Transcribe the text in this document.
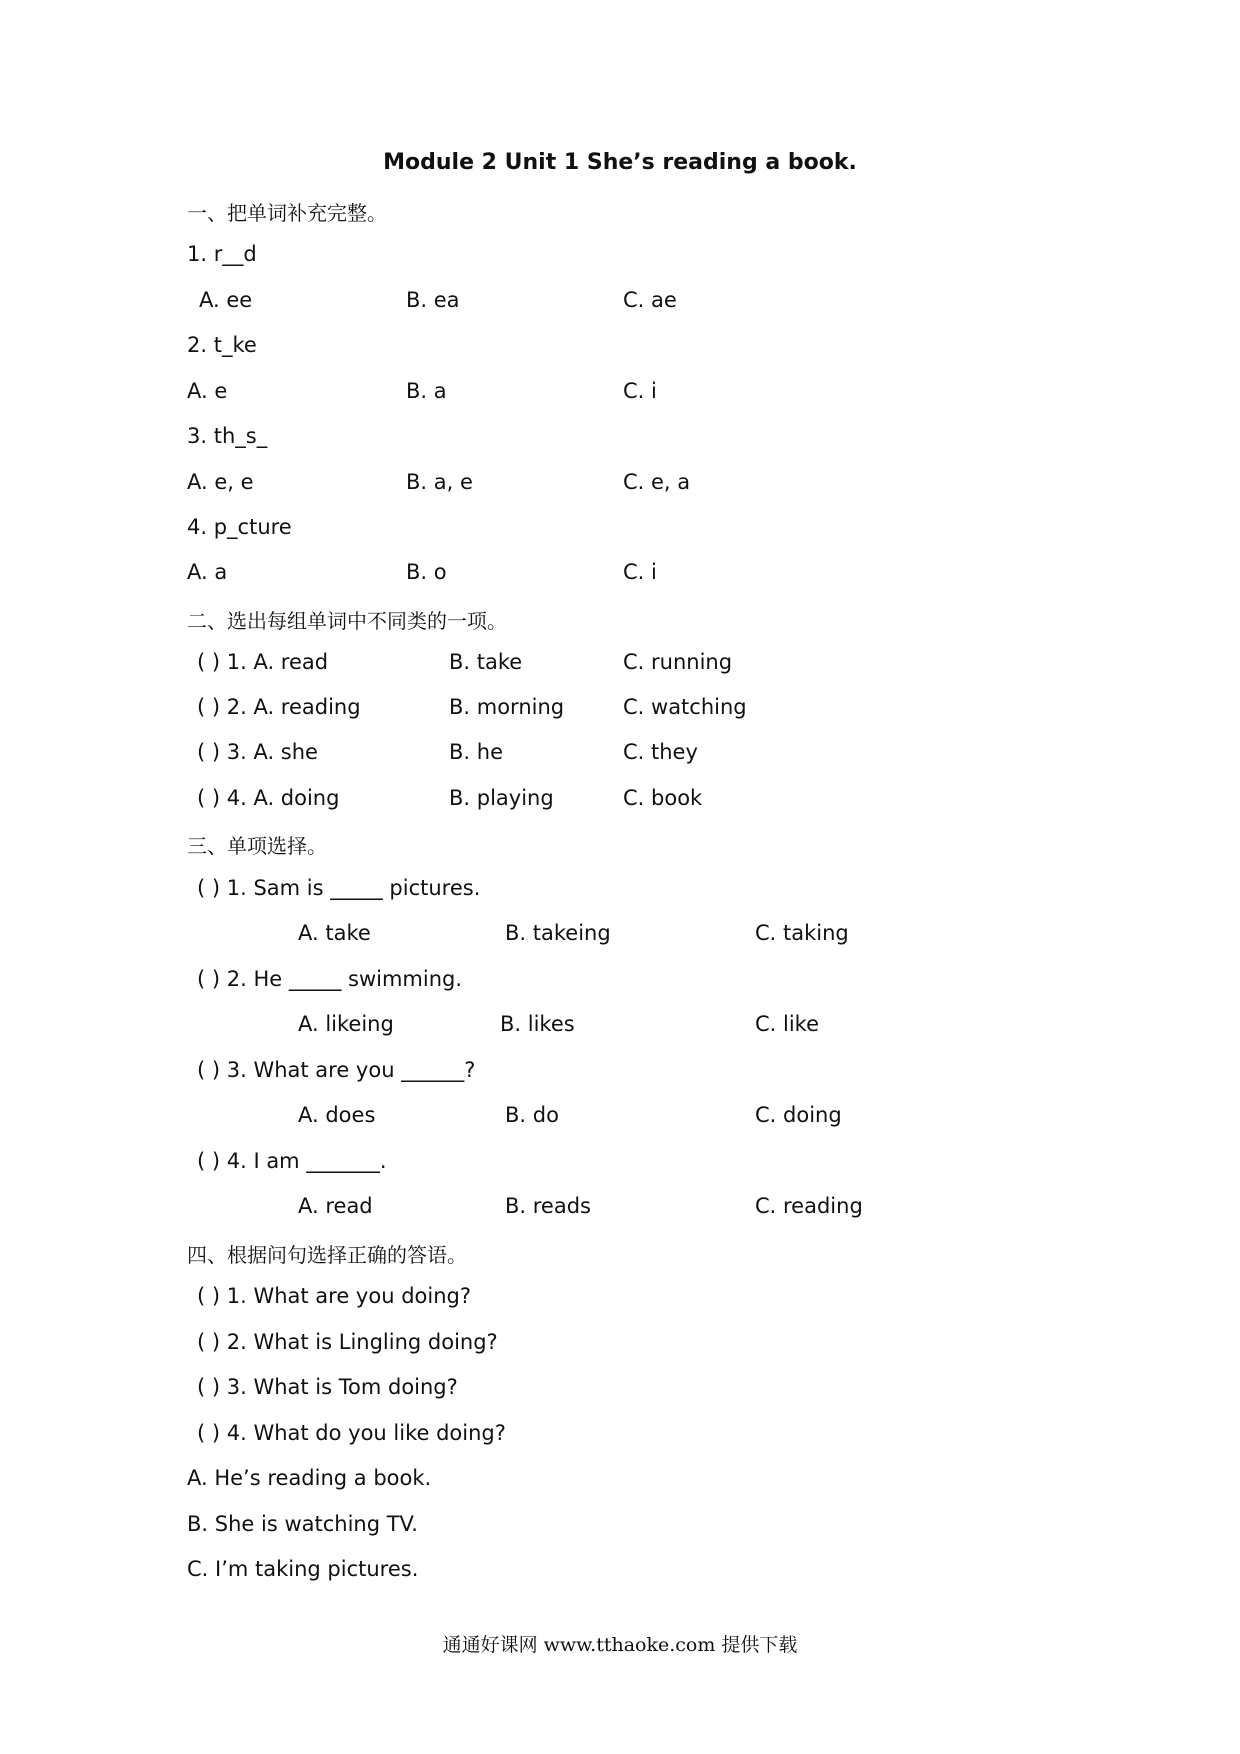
Module 2 Unit 1 She’s reading a book.
一、把单词补充完整。
1. r__d
A. ee	B. ea	C. ae
2. t_ke
A. e	B. a	C. i
3. th_s_
A. e, e	B. a, e	C. e, a
4. p_cture
A. a	B. o	C. i
二、选出每组单词中不同类的一项。
( ) 1. A. read	B. take	C. running
( ) 2. A. reading	B. morning	C. watching
( ) 3. A. she	B. he	C. they
( ) 4. A. doing	B. playing	C. book
三、单项选择。
( ) 1. Sam is _____ pictures.
A. take	B. takeing	C. taking
( ) 2. He _____ swimming.
A. likeing	B. likes	C. like
( ) 3. What are you ______?
A. does	B. do	C. doing
( ) 4. I am _______.
A. read	B. reads	C. reading
四、根据问句选择正确的答语。
( ) 1. What are you doing?
( ) 2. What is Lingling doing?
( ) 3. What is Tom doing?
( ) 4. What do you like doing?
A. He’s reading a book.
B. She is watching TV.
C. I’m taking pictures.
通通好课网 www.tthaoke.com 提供下载
